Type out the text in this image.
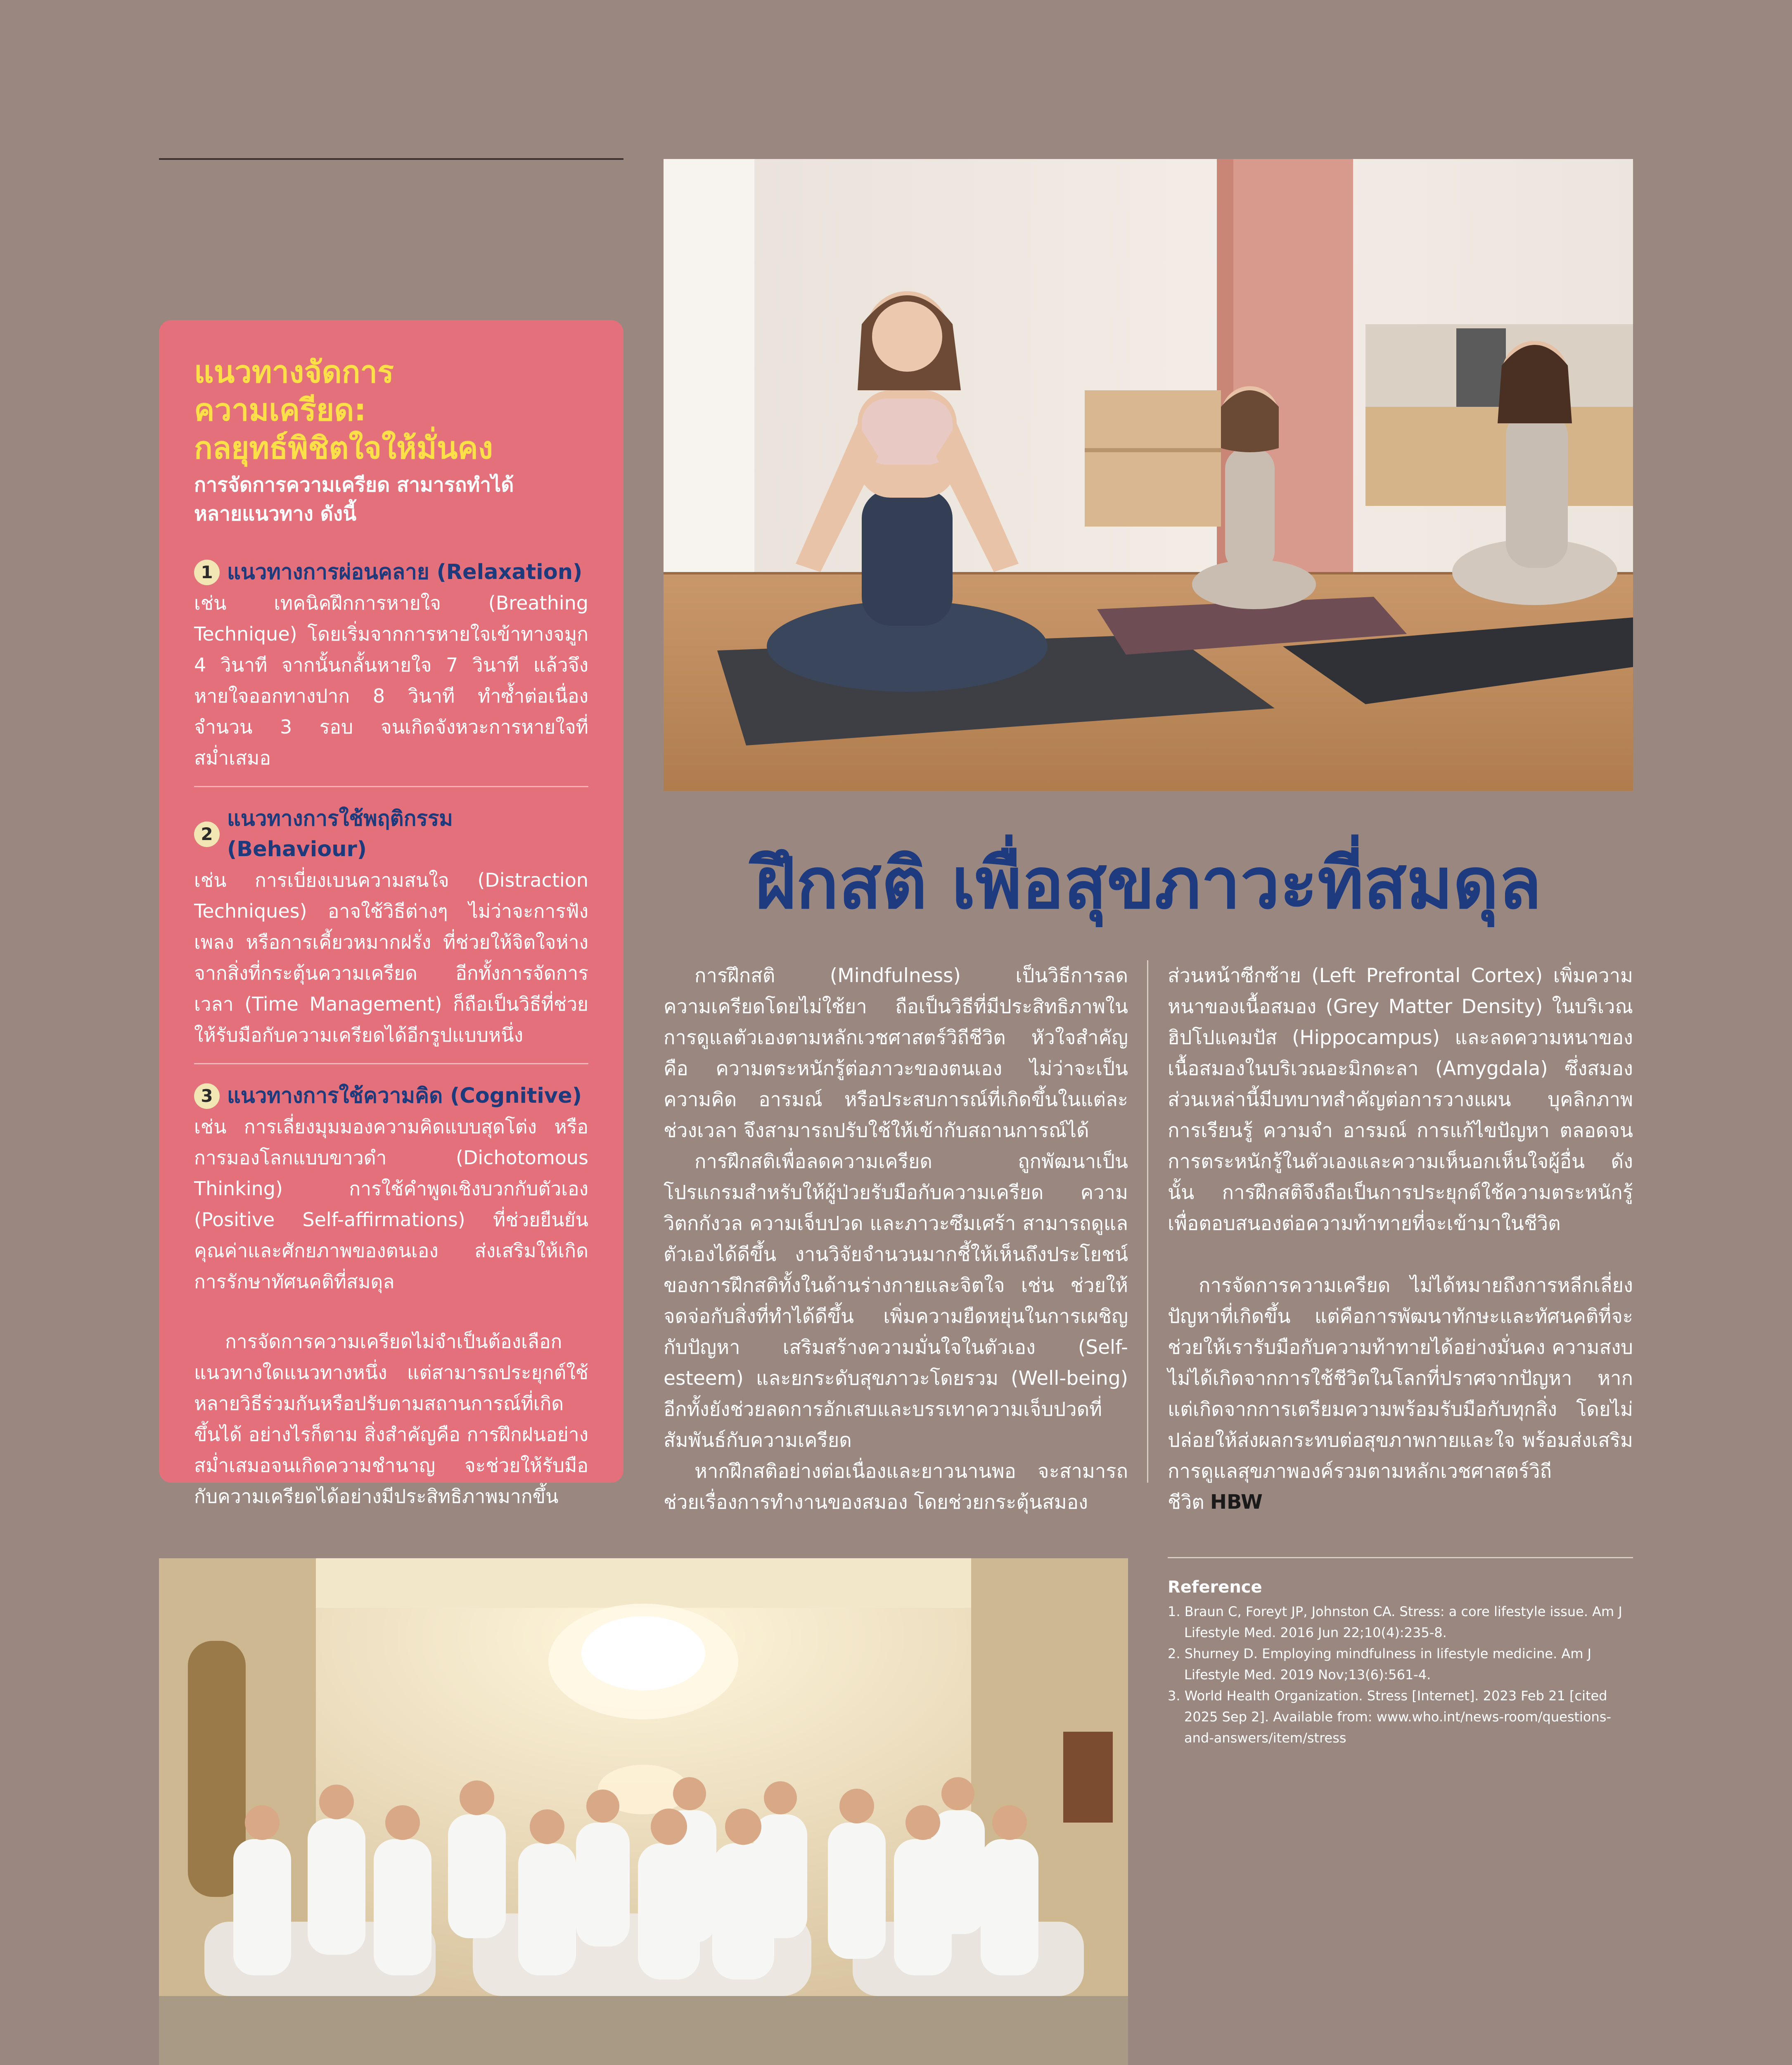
แนวทางจัดการ
ความเครียด:
กลยุทธ์พิชิตใจให้มั่นคง

การจัดการความเครียด สามารถทำได้
หลายแนวทาง ดังนี้

1 แนวทางการผ่อนคลาย (Relaxation)

เช่น เทคนิคฝึกการหายใจ (Breathing Technique) โดยเริ่มจากการหายใจเข้าทางจมูก 4 วินาที จากนั้นกลั้นหายใจ 7 วินาที แล้วจึงหายใจออกทางปาก 8 วินาที ทำซ้ำต่อเนื่องจำนวน 3 รอบ จนเกิดจังหวะการหายใจที่สม่ำเสมอ

2
แนวทางการใช้พฤติกรรม (Behaviour)

เช่น การเบี่ยงเบนความสนใจ (Distraction Techniques) อาจใช้วิธีต่างๆ ไม่ว่าจะการฟังเพลง หรือการเคี้ยวหมากฝรั่ง ที่ช่วยให้จิตใจห่างจากสิ่งที่กระตุ้นความเครียด อีกทั้งการจัดการเวลา (Time Management) ก็ถือเป็นวิธีที่ช่วยให้รับมือกับความเครียดได้อีกรูปแบบหนึ่ง

3 แนวทางการใช้ความคิด (Cognitive)

เช่น การเลี่ยงมุมมองความคิดแบบสุดโต่ง หรือการมองโลกแบบขาวดำ (Dichotomous Thinking) การใช้คำพูดเชิงบวกกับตัวเอง (Positive Self-affirmations) ที่ช่วยยืนยันคุณค่าและศักยภาพของตนเอง ส่งเสริมให้เกิดการรักษาทัศนคติที่สมดุล

การจัดการความเครียดไม่จำเป็นต้องเลือกแนวทางใดแนวทางหนึ่ง แต่สามารถประยุกต์ใช้หลายวิธีร่วมกันหรือปรับตามสถานการณ์ที่เกิดขึ้นได้ อย่างไรก็ตาม สิ่งสำคัญคือ การฝึกฝนอย่างสม่ำเสมอจนเกิดความชำนาญ จะช่วยให้รับมือกับความเครียดได้อย่างมีประสิทธิภาพมากขึ้น

ฝึกสติ เพื่อสุขภาวะที่สมดุล

การฝึกสติ (Mindfulness) เป็นวิธีการลดความเครียดโดยไม่ใช้ยา ถือเป็นวิธีที่มีประสิทธิภาพในการดูแลตัวเองตามหลักเวชศาสตร์วิถีชีวิต หัวใจสำคัญคือ ความตระหนักรู้ต่อภาวะของตนเอง ไม่ว่าจะเป็นความคิด อารมณ์ หรือประสบการณ์ที่เกิดขึ้นในแต่ละช่วงเวลา จึงสามารถปรับใช้ให้เข้ากับสถานการณ์ได้

การฝึกสติเพื่อลดความเครียด ถูกพัฒนาเป็นโปรแกรมสำหรับให้ผู้ป่วยรับมือกับความเครียด ความวิตกกังวล ความเจ็บปวด และภาวะซึมเศร้า สามารถดูแลตัวเองได้ดีขึ้น งานวิจัยจำนวนมากชี้ให้เห็นถึงประโยชน์ของการฝึกสติทั้งในด้านร่างกายและจิตใจ เช่น ช่วยให้จดจ่อกับสิ่งที่ทำได้ดีขึ้น เพิ่มความยืดหยุ่นในการเผชิญกับปัญหา เสริมสร้างความมั่นใจในตัวเอง (Self-esteem) และยกระดับสุขภาวะโดยรวม (Well-being) อีกทั้งยังช่วยลดการอักเสบและบรรเทาความเจ็บปวดที่สัมพันธ์กับความเครียด

หากฝึกสติอย่างต่อเนื่องและยาวนานพอ จะสามารถช่วยเรื่องการทำงานของสมอง โดยช่วยกระตุ้นสมอง

ส่วนหน้าซีกซ้าย (Left Prefrontal Cortex) เพิ่มความหนาของเนื้อสมอง (Grey Matter Density) ในบริเวณฮิปโปแคมปัส (Hippocampus) และลดความหนาของเนื้อสมองในบริเวณอะมิกดะลา (Amygdala) ซึ่งสมองส่วนเหล่านี้มีบทบาทสำคัญต่อการวางแผน บุคลิกภาพ การเรียนรู้ ความจำ อารมณ์ การแก้ไขปัญหา ตลอดจนการตระหนักรู้ในตัวเองและความเห็นอกเห็นใจผู้อื่น ดังนั้น การฝึกสติจึงถือเป็นการประยุกต์ใช้ความตระหนักรู้เพื่อตอบสนองต่อความท้าทายที่จะเข้ามาในชีวิต

การจัดการความเครียด ไม่ได้หมายถึงการหลีกเลี่ยงปัญหาที่เกิดขึ้น แต่คือการพัฒนาทักษะและทัศนคติที่จะช่วยให้เรารับมือกับความท้าทายได้อย่างมั่นคง ความสงบไม่ได้เกิดจากการใช้ชีวิตในโลกที่ปราศจากปัญหา หากแต่เกิดจากการเตรียมความพร้อมรับมือกับทุกสิ่ง โดยไม่ปล่อยให้ส่งผลกระทบต่อสุขภาพกายและใจ พร้อมส่งเสริมการดูแลสุขภาพองค์รวมตามหลักเวชศาสตร์วิถีชีวิต HBW

Reference

1. Braun C, Foreyt JP, Johnston CA. Stress: a core lifestyle issue. Am J Lifestyle Med. 2016 Jun 22;10(4):235-8.
2. Shurney D. Employing mindfulness in lifestyle medicine. Am J Lifestyle Med. 2019 Nov;13(6):561-4.
3. World Health Organization. Stress [Internet]. 2023 Feb 21 [cited 2025 Sep 2]. Available from: www.who.int/news-room/questions-and-answers/item/stress
